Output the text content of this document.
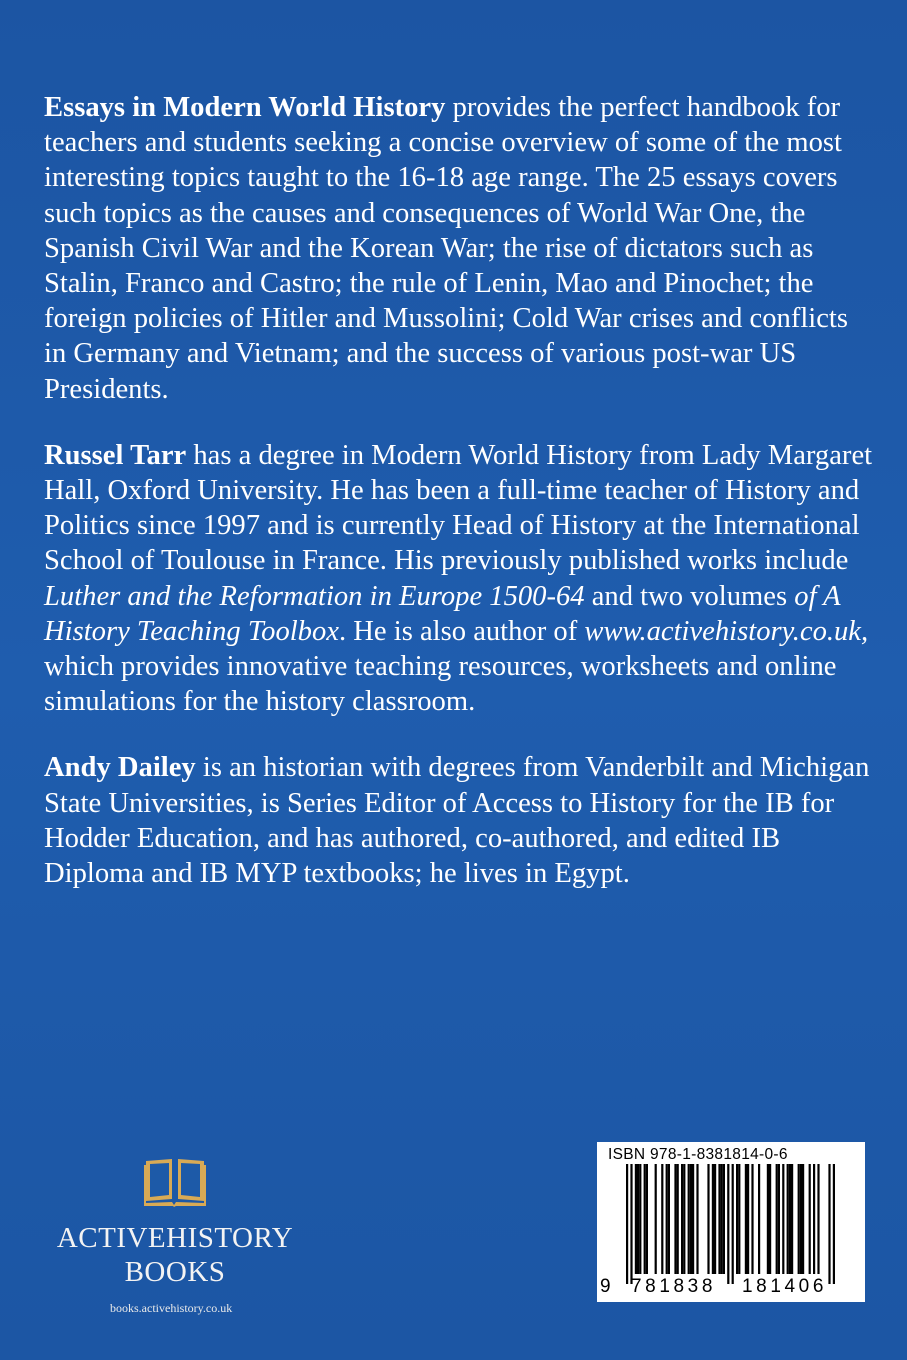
Essays in Modern World History provides the perfect handbook for teachers and students seeking a concise overview of some of the most interesting topics taught to the 16-18 age range. The 25 essays covers such topics as the causes and consequences of World War One, the Spanish Civil War and the Korean War; the rise of dictators such as Stalin, Franco and Castro; the rule of Lenin, Mao and Pinochet; the foreign policies of Hitler and Mussolini; Cold War crises and conflicts in Germany and Vietnam; and the success of various post-war US Presidents.

Russel Tarr has a degree in Modern World History from Lady Margaret Hall, Oxford University. He has been a full-time teacher of History and Politics since 1997 and is currently Head of History at the International School of Toulouse in France. His previously published works include Luther and the Reformation in Europe 1500-64 and two volumes of A History Teaching Toolbox. He is also author of www.activehistory.co.uk, which provides innovative teaching resources, worksheets and online simulations for the history classroom.

Andy Dailey is an historian with degrees from Vanderbilt and Michigan State Universities, is Series Editor of Access to History for the IB for Hodder Education, and has authored, co-authored, and edited IB Diploma and IB MYP textbooks; he lives in Egypt.

ACTIVEHISTORY
BOOKS
books.activehistory.co.uk
ISBN 978-1-8381814-0-6
9 781838 181406
